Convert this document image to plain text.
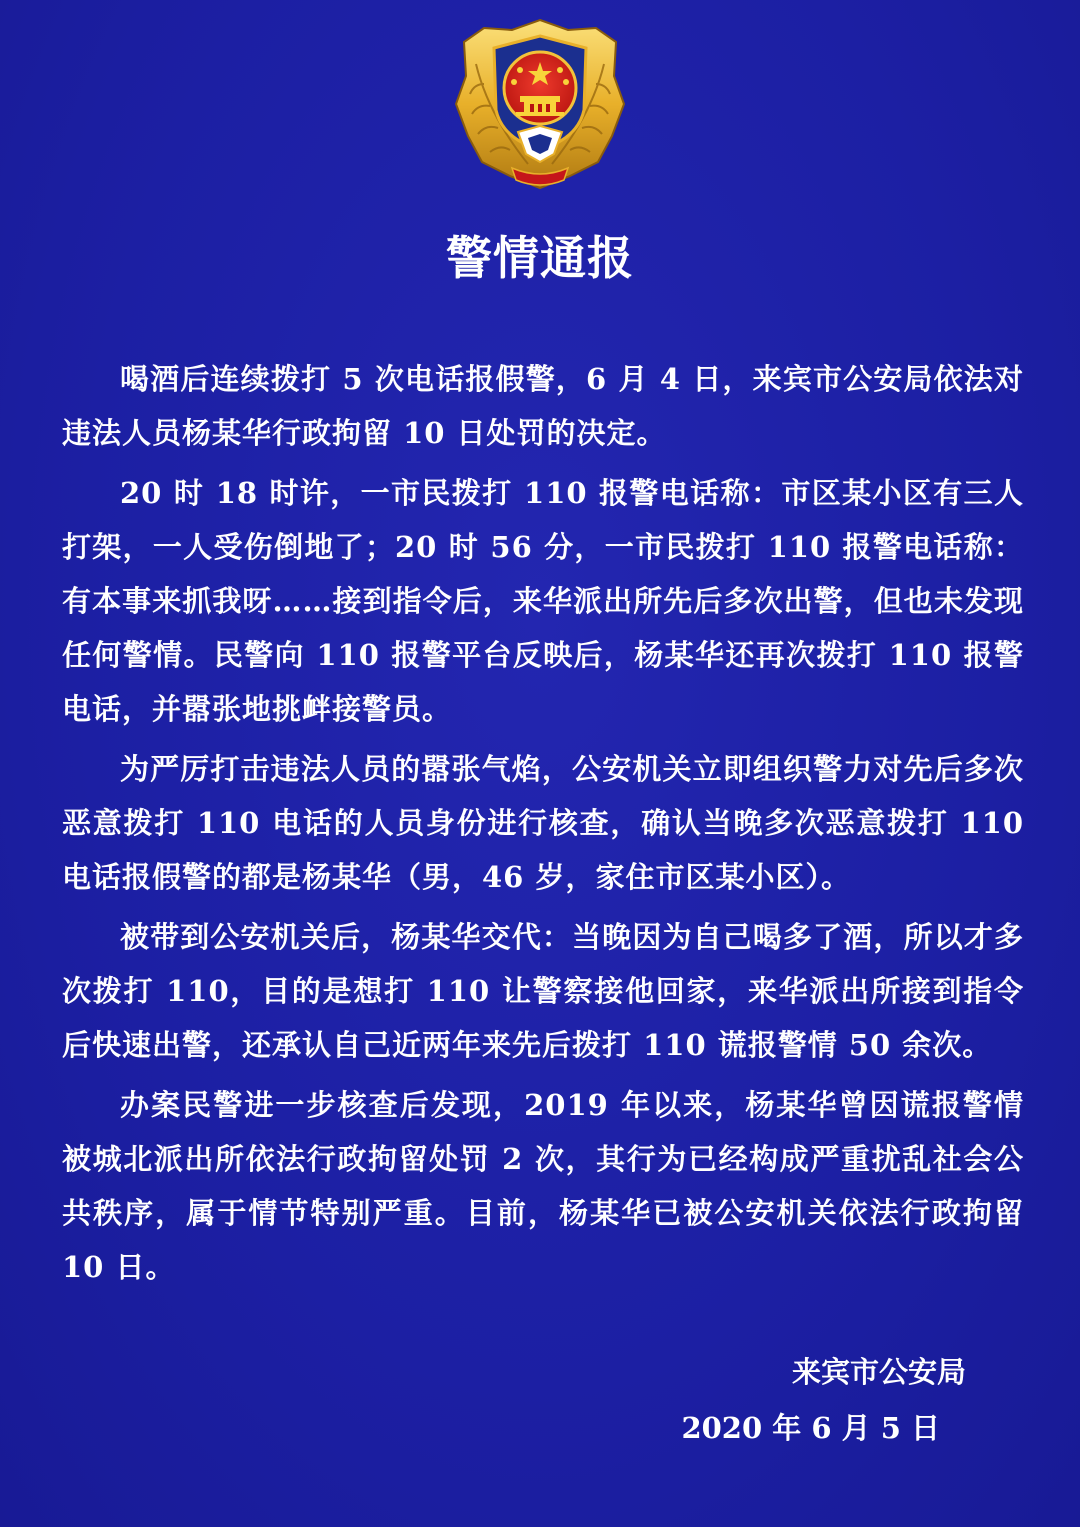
警情通报

喝酒后连续拨打 5 次电话报假警，6 月 4 日，来宾市公安局依法对违法人员杨某华行政拘留 10 日处罚的决定。

20 时 18 时许，一市民拨打 110 报警电话称：市区某小区有三人打架，一人受伤倒地了；20 时 56 分，一市民拨打 110 报警电话称：有本事来抓我呀……接到指令后，来华派出所先后多次出警，但也未发现任何警情。民警向 110 报警平台反映后，杨某华还再次拨打 110 报警电话，并嚣张地挑衅接警员。

为严厉打击违法人员的嚣张气焰，公安机关立即组织警力对先后多次恶意拨打 110 电话的人员身份进行核查，确认当晚多次恶意拨打 110 电话报假警的都是杨某华（男，46 岁，家住市区某小区）。

被带到公安机关后，杨某华交代：当晚因为自己喝多了酒，所以才多次拨打 110，目的是想打 110 让警察接他回家，来华派出所接到指令后快速出警，还承认自己近两年来先后拨打 110 谎报警情 50 余次。

办案民警进一步核查后发现，2019 年以来，杨某华曾因谎报警情被城北派出所依法行政拘留处罚 2 次，其行为已经构成严重扰乱社会公共秩序，属于情节特别严重。目前，杨某华已被公安机关依法行政拘留 10 日。

来宾市公安局
2020 年 6 月 5 日
